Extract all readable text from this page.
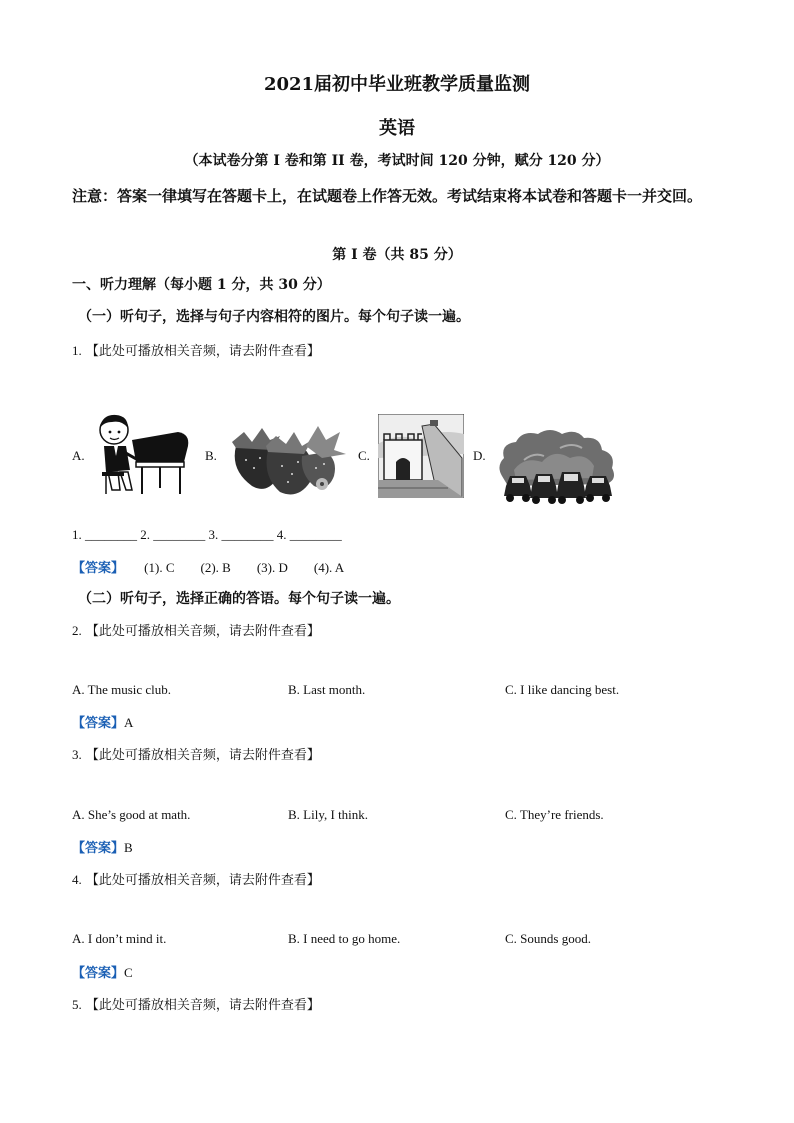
2021届初中毕业班教学质量监测
英语
（本试卷分第 I 卷和第 II 卷，考试时间 120 分钟，赋分 120 分）
注意：答案一律填写在答题卡上，在试题卷上作答无效。考试结束将本试卷和答题卡一并交回。
第 I 卷（共 85 分）
一、听力理解（每小题 1 分，共 30 分）
（一）听句子，选择与句子内容相符的图片。每个句子读一遍。
1. 【此处可播放相关音频，请去附件查看】
A.	B.	C.	D.
1. ________ 2. ________ 3. ________ 4. ________
【答案】 (1). C　　(2). B　　(3). D　　(4). A
（二）听句子，选择正确的答语。每个句子读一遍。
2. 【此处可播放相关音频，请去附件查看】
A. The music club.	B. Last month.	C. I like dancing best.
【答案】A
3. 【此处可播放相关音频，请去附件查看】
A. She’s good at math.	B. Lily, I think.	C. They’re friends.
【答案】B
4. 【此处可播放相关音频，请去附件查看】
A. I don’t mind it.	B. I need to go home.	C. Sounds good.
【答案】C
5. 【此处可播放相关音频，请去附件查看】
